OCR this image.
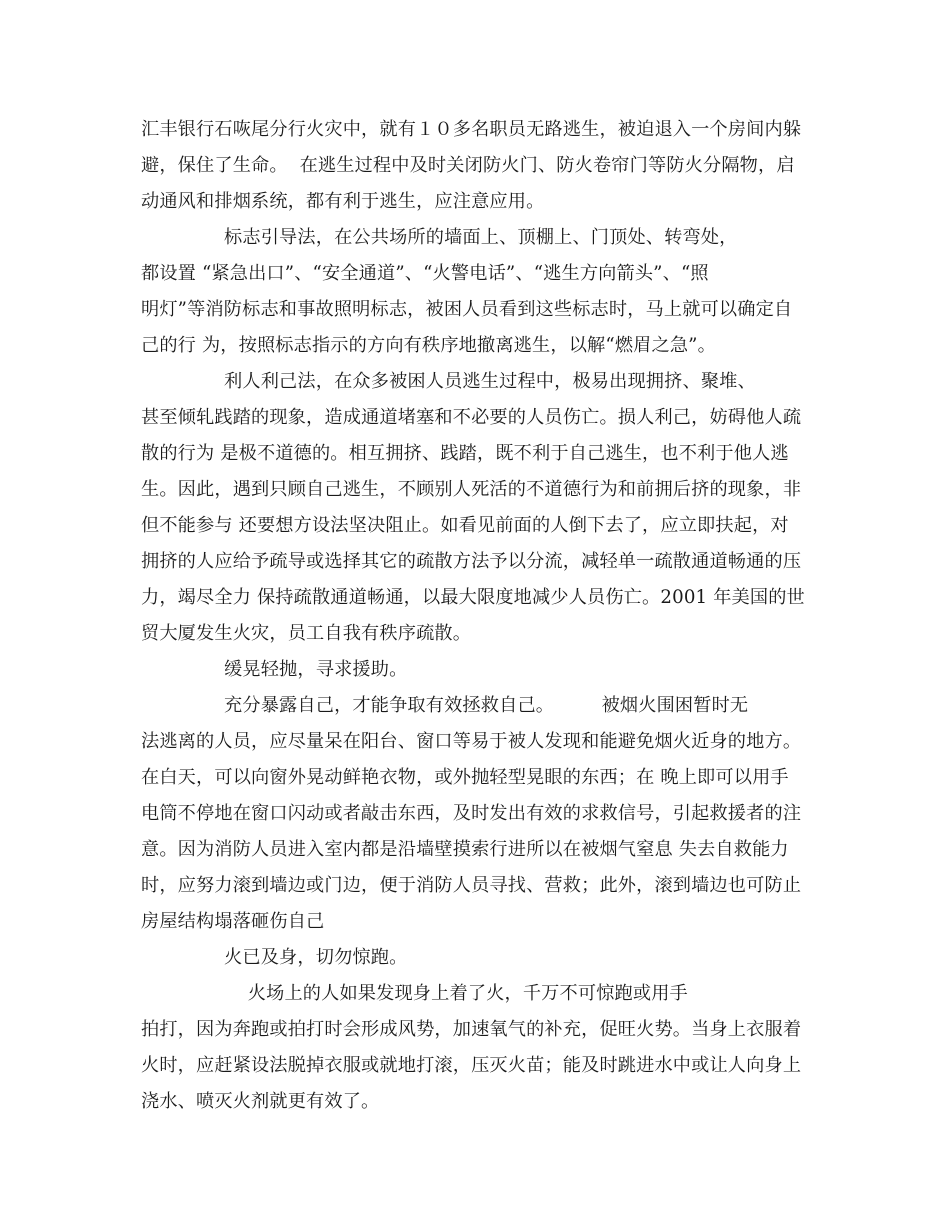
汇丰银行石咴尾分行火灾中，就有１０多名职员无路逃生，被迫退入一个房间内躲
避，保住了生命。  在逃生过程中及时关闭防火门、防火卷帘门等防火分隔物，启
动通风和排烟系统，都有利于逃生，应注意应用。
标志引导法，在公共场所的墙面上、顶棚上、门顶处、转弯处，
都设置 “紧急出口”、“安全通道”、“火警电话”、“逃生方向箭头”、“照
明灯”等消防标志和事故照明标志，被困人员看到这些标志时，马上就可以确定自
己的行 为，按照标志指示的方向有秩序地撤离逃生，以解“燃眉之急”。
利人利己法，在众多被困人员逃生过程中，极易出现拥挤、聚堆、
甚至倾轧践踏的现象，造成通道堵塞和不必要的人员伤亡。损人利己，妨碍他人疏
散的行为 是极不道德的。相互拥挤、践踏，既不利于自己逃生，也不利于他人逃
生。因此，遇到只顾自己逃生，不顾别人死活的不道德行为和前拥后挤的现象，非
但不能参与 还要想方设法坚决阻止。如看见前面的人倒下去了，应立即扶起，对
拥挤的人应给予疏导或选择其它的疏散方法予以分流，减轻单一疏散通道畅通的压
力，竭尽全力 保持疏散通道畅通，以最大限度地减少人员伤亡。2001 年美国的世
贸大厦发生火灾，员工自我有秩序疏散。
缓晃轻抛，寻求援助。
充分暴露自己，才能争取有效拯救自己。        被烟火围困暂时无
法逃离的人员，应尽量呆在阳台、窗口等易于被人发现和能避免烟火近身的地方。
在白天，可以向窗外晃动鲜艳衣物，或外抛轻型晃眼的东西；在 晚上即可以用手
电筒不停地在窗口闪动或者敲击东西，及时发出有效的求救信号，引起救援者的注
意。因为消防人员进入室内都是沿墙壁摸索行进所以在被烟气窒息 失去自救能力
时，应努力滚到墙边或门边，便于消防人员寻找、营救；此外，滚到墙边也可防止
房屋结构塌落砸伤自己
火已及身，切勿惊跑。
火场上的人如果发现身上着了火，千万不可惊跑或用手
拍打，因为奔跑或拍打时会形成风势，加速氧气的补充，促旺火势。当身上衣服着
火时，应赶紧设法脱掉衣服或就地打滚，压灭火苗；能及时跳进水中或让人向身上
浇水、喷灭火剂就更有效了。
